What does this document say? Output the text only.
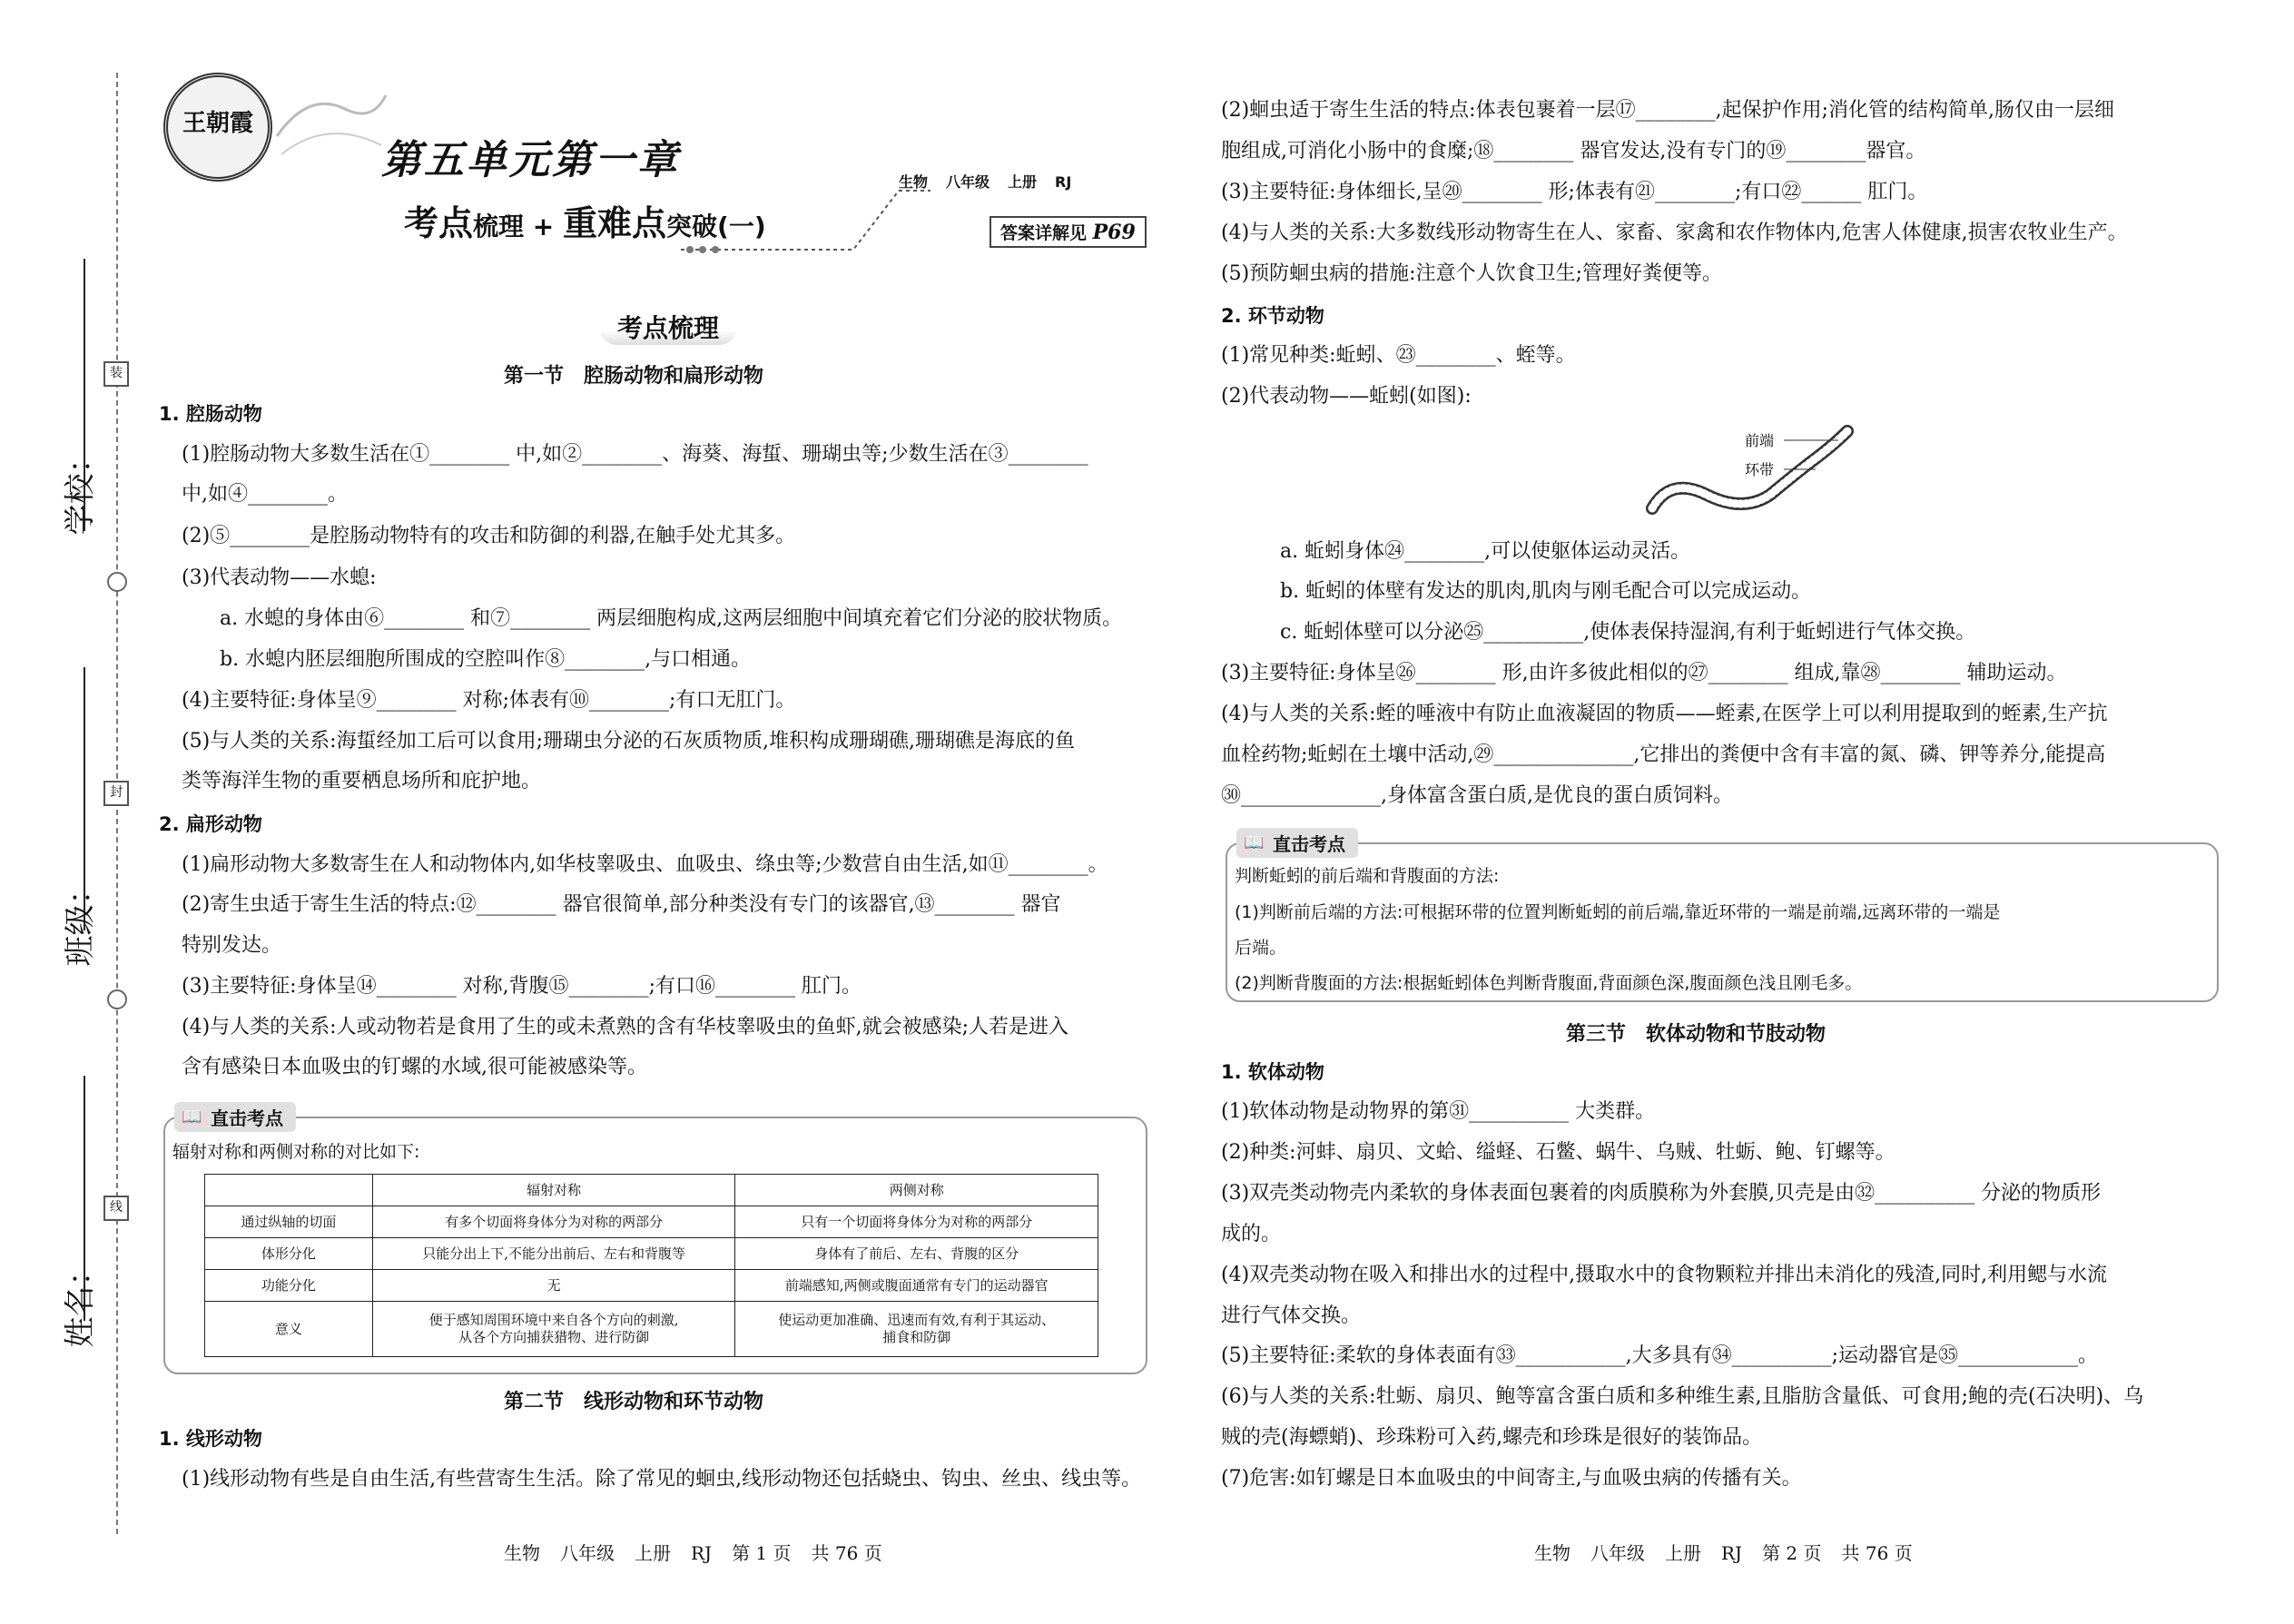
学校：
班级：
姓名：
装
封
线
王朝霞
第五单元第一章
考点梳理 + 重难点突破(一)
生物 八年级 上册 RJ
答案详解见 P69
考点梳理
第一节　腔肠动物和扁形动物
1. 腔肠动物
(1)腔肠动物大多数生活在①________ 中,如②________、海葵、海蜇、珊瑚虫等;少数生活在③________
中,如④________。
(2)⑤________是腔肠动物特有的攻击和防御的利器,在触手处尤其多。
(3)代表动物——水螅:
a. 水螅的身体由⑥________ 和⑦________ 两层细胞构成,这两层细胞中间填充着它们分泌的胶状物质。
b. 水螅内胚层细胞所围成的空腔叫作⑧________,与口相通。
(4)主要特征:身体呈⑨________ 对称;体表有⑩________;有口无肛门。
(5)与人类的关系:海蜇经加工后可以食用;珊瑚虫分泌的石灰质物质,堆积构成珊瑚礁,珊瑚礁是海底的鱼
类等海洋生物的重要栖息场所和庇护地。
2. 扁形动物
(1)扁形动物大多数寄生在人和动物体内,如华枝睾吸虫、血吸虫、绦虫等;少数营自由生活,如⑪________。
(2)寄生虫适于寄生生活的特点:⑫________ 器官很简单,部分种类没有专门的该器官,⑬________ 器官
特别发达。
(3)主要特征:身体呈⑭________ 对称,背腹⑮________;有口⑯________ 肛门。
(4)与人类的关系:人或动物若是食用了生的或未煮熟的含有华枝睾吸虫的鱼虾,就会被感染;人若是进入
含有感染日本血吸虫的钉螺的水域,很可能被感染等。
📖 直击考点
辐射对称和两侧对称的对比如下:
	辐射对称	两侧对称
通过纵轴的切面	有多个切面将身体分为对称的两部分	只有一个切面将身体分为对称的两部分
体形分化	只能分出上下,不能分出前后、左右和背腹等	身体有了前后、左右、背腹的区分
功能分化	无	前端感知,两侧或腹面通常有专门的运动器官
意义	便于感知周围环境中来自各个方向的刺激,
从各个方向捕获猎物、进行防御	使运动更加准确、迅速而有效,有利于其运动、
捕食和防御
第二节　线形动物和环节动物
1. 线形动物
(1)线形动物有些是自由生活,有些营寄生生活。除了常见的蛔虫,线形动物还包括蛲虫、钩虫、丝虫、线虫等。
生物 八年级 上册 RJ 第 1 页 共 76 页
(2)蛔虫适于寄生生活的特点:体表包裹着一层⑰________,起保护作用;消化管的结构简单,肠仅由一层细
胞组成,可消化小肠中的食糜;⑱________ 器官发达,没有专门的⑲________器官。
(3)主要特征:身体细长,呈⑳________ 形;体表有㉑________;有口㉒______ 肛门。
(4)与人类的关系:大多数线形动物寄生在人、家畜、家禽和农作物体内,危害人体健康,损害农牧业生产。
(5)预防蛔虫病的措施:注意个人饮食卫生;管理好粪便等。
2. 环节动物
(1)常见种类:蚯蚓、㉓________、蛭等。
(2)代表动物——蚯蚓(如图):
前端
环带
a. 蚯蚓身体㉔________,可以使躯体运动灵活。
b. 蚯蚓的体壁有发达的肌肉,肌肉与刚毛配合可以完成运动。
c. 蚯蚓体壁可以分泌㉕__________,使体表保持湿润,有利于蚯蚓进行气体交换。
(3)主要特征:身体呈㉖________ 形,由许多彼此相似的㉗________ 组成,靠㉘________ 辅助运动。
(4)与人类的关系:蛭的唾液中有防止血液凝固的物质——蛭素,在医学上可以利用提取到的蛭素,生产抗
血栓药物;蚯蚓在土壤中活动,㉙______________,它排出的粪便中含有丰富的氮、磷、钾等养分,能提高
㉚______________,身体富含蛋白质,是优良的蛋白质饲料。
📖 直击考点
判断蚯蚓的前后端和背腹面的方法:
(1)判断前后端的方法:可根据环带的位置判断蚯蚓的前后端,靠近环带的一端是前端,远离环带的一端是
后端。
(2)判断背腹面的方法:根据蚯蚓体色判断背腹面,背面颜色深,腹面颜色浅且刚毛多。
第三节　软体动物和节肢动物
1. 软体动物
(1)软体动物是动物界的第㉛__________ 大类群。
(2)种类:河蚌、扇贝、文蛤、缢蛏、石鳖、蜗牛、乌贼、牡蛎、鲍、钉螺等。
(3)双壳类动物壳内柔软的身体表面包裹着的肉质膜称为外套膜,贝壳是由㉜__________ 分泌的物质形
成的。
(4)双壳类动物在吸入和排出水的过程中,摄取水中的食物颗粒并排出未消化的残渣,同时,利用鳃与水流
进行气体交换。
(5)主要特征:柔软的身体表面有㉝___________,大多具有㉞__________;运动器官是㉟____________。
(6)与人类的关系:牡蛎、扇贝、鲍等富含蛋白质和多种维生素,且脂肪含量低、可食用;鲍的壳(石决明)、乌
贼的壳(海螵蛸)、珍珠粉可入药,螺壳和珍珠是很好的装饰品。
(7)危害:如钉螺是日本血吸虫的中间寄主,与血吸虫病的传播有关。
生物 八年级 上册 RJ 第 2 页 共 76 页
